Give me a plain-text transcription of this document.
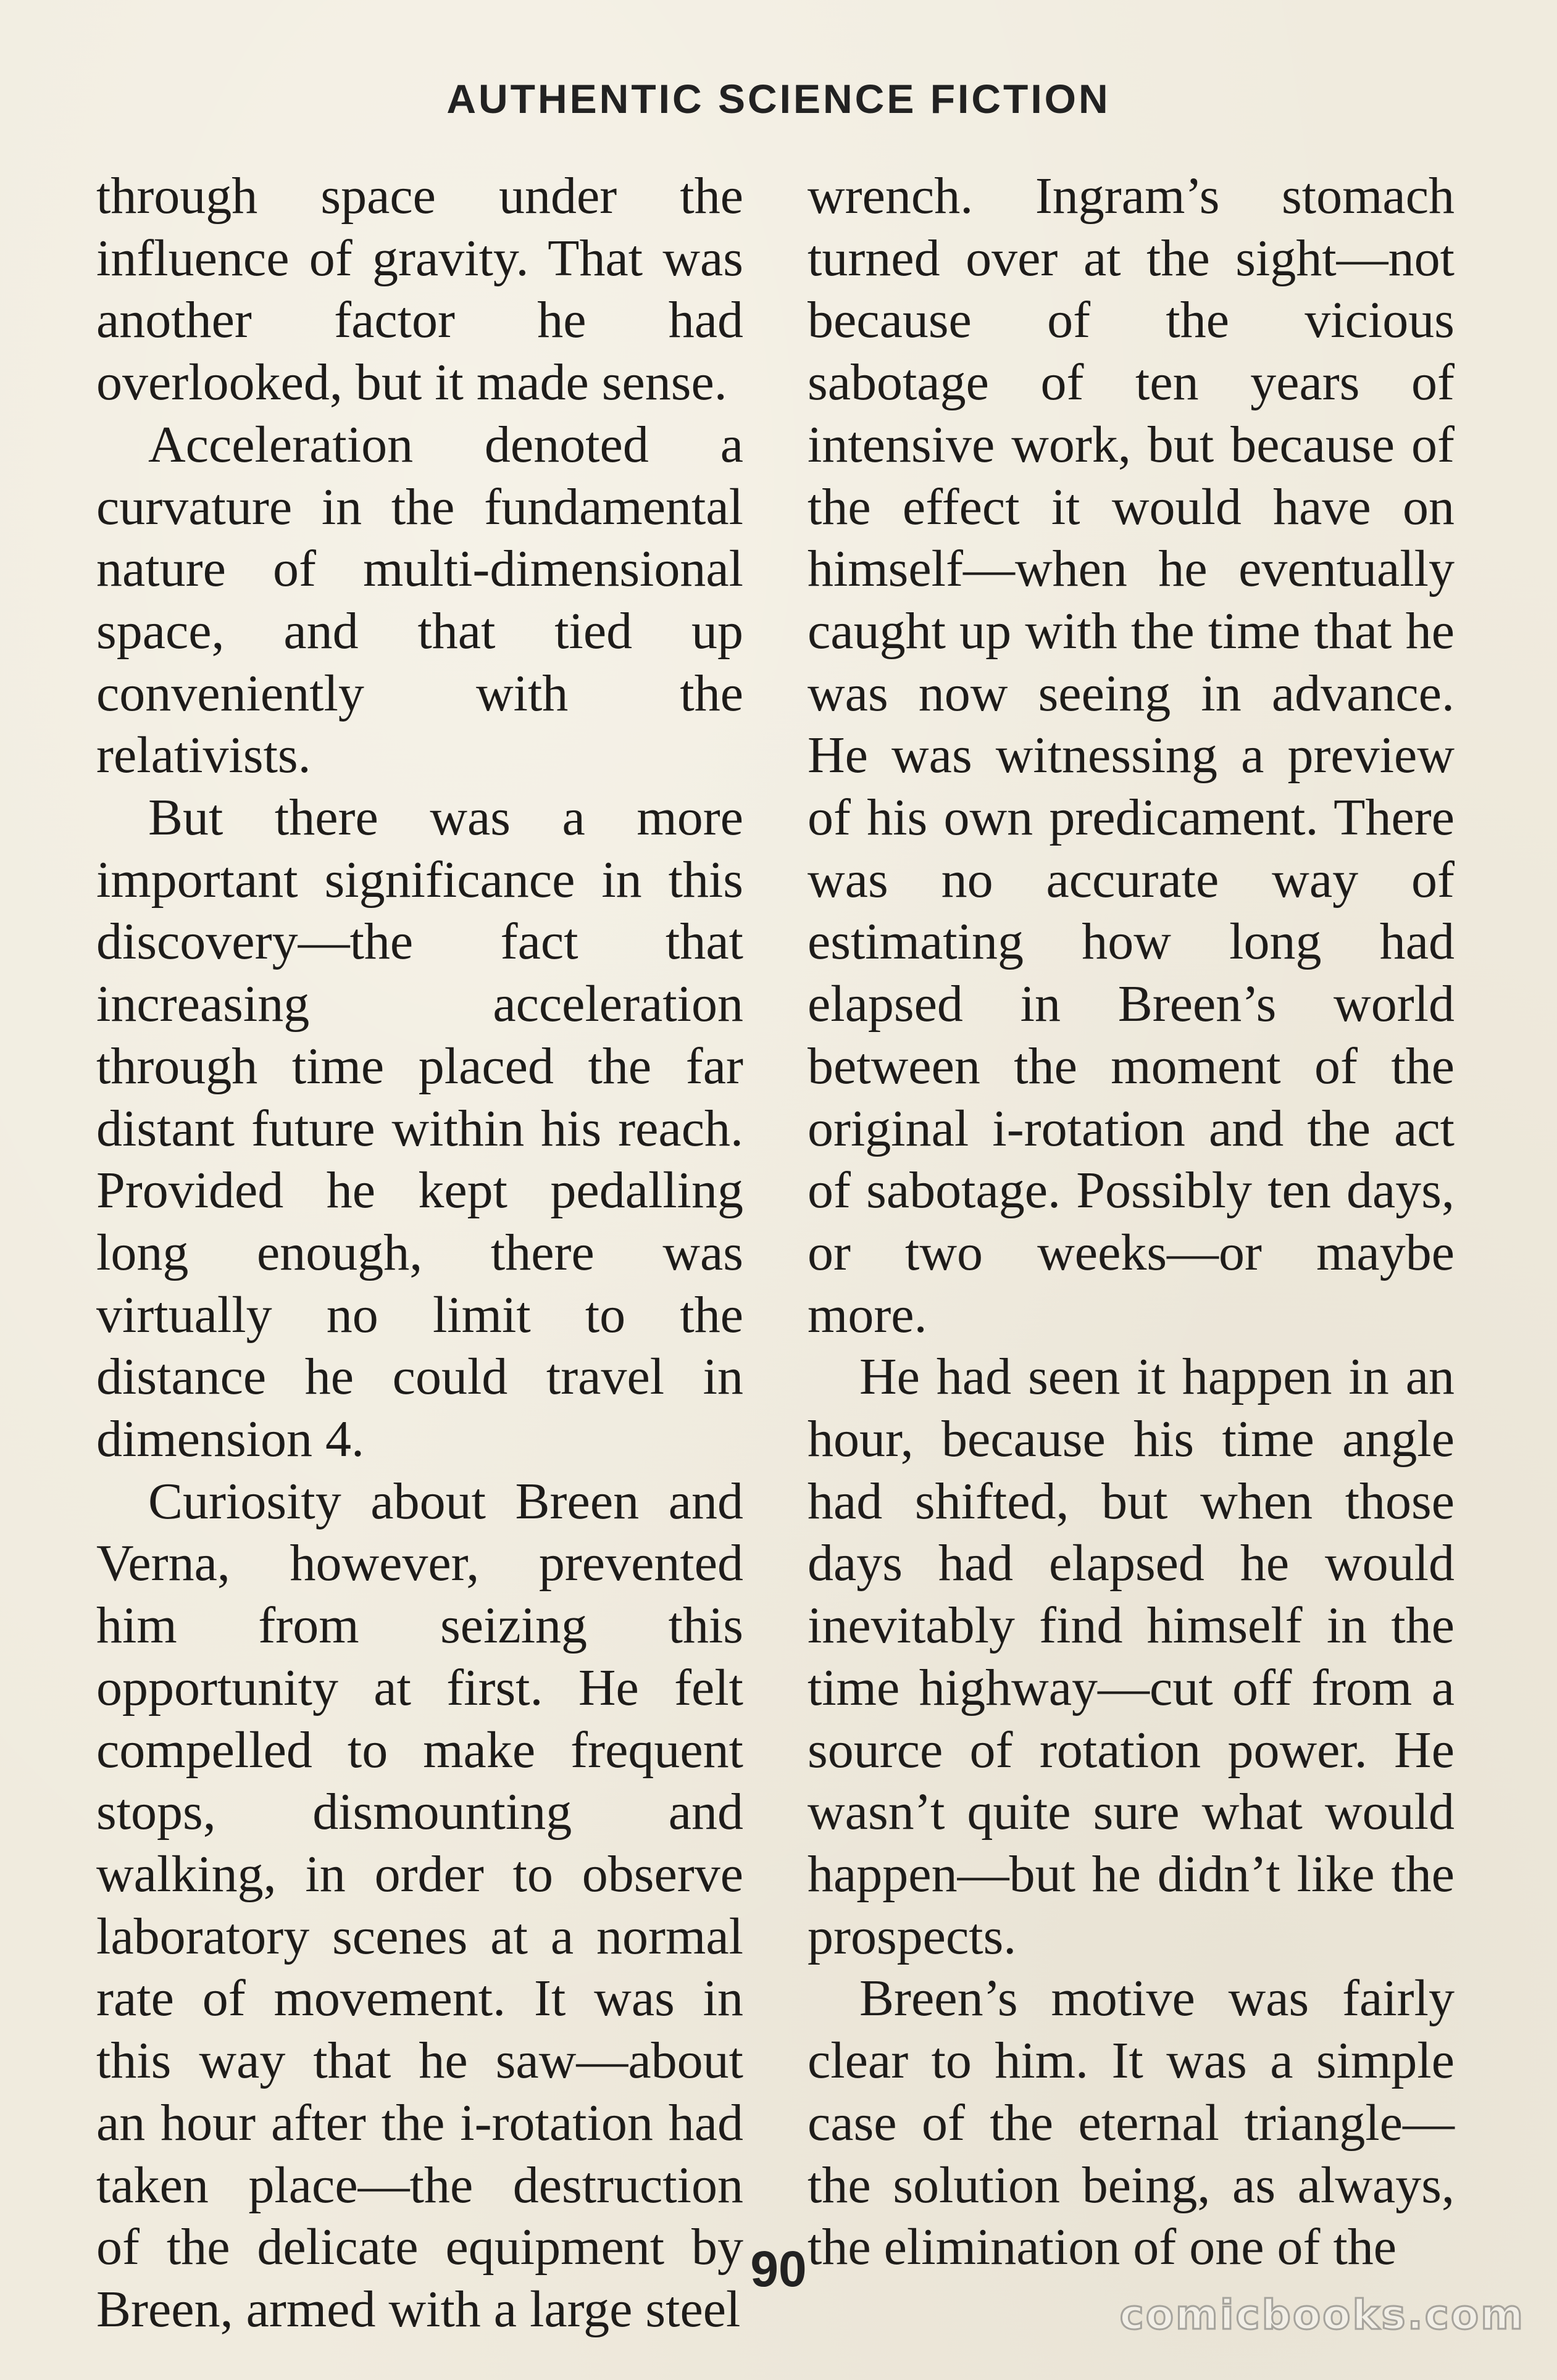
AUTHENTIC SCIENCE FICTION

through space under the influence of gravity. That was another factor he had overlooked, but it made sense.

Acceleration denoted a curvature in the fundamental nature of multi-dimensional space, and that tied up conveniently with the relativists.

But there was a more important significance in this discovery—the fact that increasing acceleration through time placed the far distant future within his reach. Provided he kept pedalling long enough, there was virtually no limit to the distance he could travel in dimension 4.

Curiosity about Breen and Verna, however, prevented him from seizing this opportunity at first. He felt compelled to make frequent stops, dismounting and walking, in order to observe laboratory scenes at a normal rate of movement. It was in this way that he saw—about an hour after the i-rotation had taken place—the destruction of the delicate equipment by Breen, armed with a large steel

wrench. Ingram’s stomach turned over at the sight—not because of the vicious sabotage of ten years of intensive work, but because of the effect it would have on himself—when he eventually caught up with the time that he was now seeing in advance. He was witnessing a preview of his own predicament. There was no accurate way of estimating how long had elapsed in Breen’s world between the moment of the original i-rotation and the act of sabotage. Possibly ten days, or two weeks—or maybe more.

He had seen it happen in an hour, because his time angle had shifted, but when those days had elapsed he would inevitably find himself in the time highway—cut off from a source of rotation power. He wasn’t quite sure what would happen—but he didn’t like the prospects.

Breen’s motive was fairly clear to him. It was a simple case of the eternal triangle—the solution being, as always, the elimination of one of the

90
comicbooks.com
